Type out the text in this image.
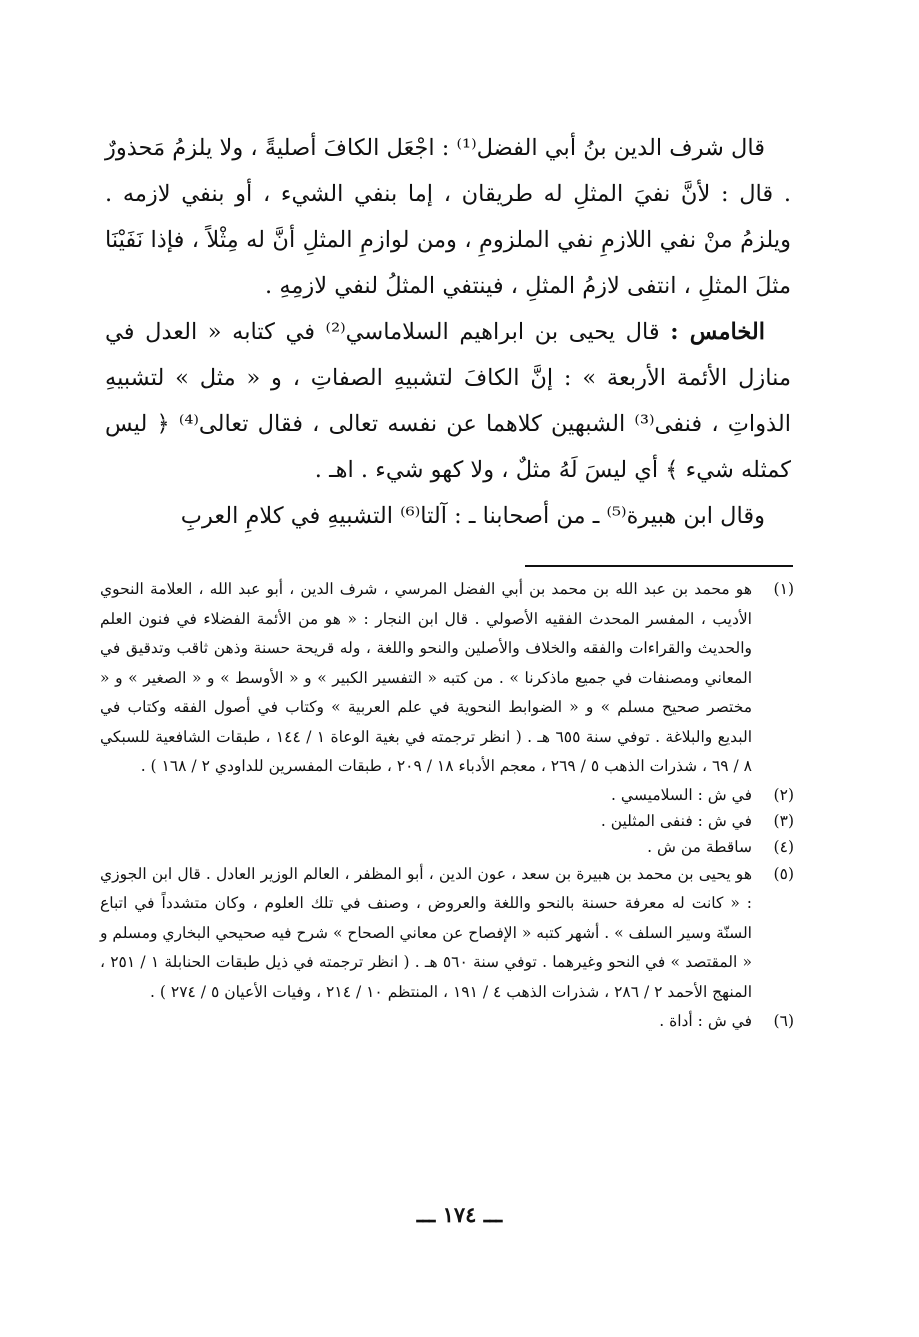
قال شرف الدين بنُ أبي الفضل⁽¹⁾ : اجْعَل الكافَ أصليةً ، ولا يلزمُ مَحذورٌ . قال : لأنَّ نفيَ المثلِ له طريقان ، إما بنفي الشيء ، أو بنفي لازمه . ويلزمُ منْ نفي اللازمِ نفي الملزومِ ، ومن لوازمِ المثلِ أنَّ له مِثْلاً ، فإذا نَفَيْنَا مثلَ المثلِ ، انتفى لازمُ المثلِ ، فينتفي المثلُ لنفي لازمِهِ .

الخامس : قال يحيى بن ابراهيم السلاماسي⁽²⁾ في كتابه « العدل في منازل الأئمة الأربعة » : إنَّ الكافَ لتشبيهِ الصفاتِ ، و « مثل » لتشبيهِ الذواتِ ، فنفى⁽³⁾ الشبهين كلاهما عن نفسه تعالى ، فقال تعالى⁽⁴⁾ ﴿ ليس كمثله شيء ﴾ أي ليسَ لَهُ مثلٌ ، ولا كهو شيء . اهـ .

وقال ابن هبيرة⁽⁵⁾ ـ من أصحابنا ـ : آلتا⁽⁶⁾ التشبيهِ في كلامِ العربِ

(١)
هو محمد بن عبد الله بن محمد بن أبي الفضل المرسي ، شرف الدين ، أبو عبد الله ، العلامة النحوي الأديب ، المفسر المحدث الفقيه الأصولي . قال ابن النجار : « هو من الأئمة الفضلاء في فنون العلم والحديث والقراءات والفقه والخلاف والأصلين والنحو واللغة ، وله قريحة حسنة وذهن ثاقب وتدقيق في المعاني ومصنفات في جميع ماذكرنا » . من كتبه « التفسير الكبير » و « الأوسط » و « الصغير » و « مختصر صحيح مسلم » و « الضوابط النحوية في علم العربية » وكتاب في أصول الفقه وكتاب في البديع والبلاغة . توفي سنة ٦٥٥ هـ . ( انظر ترجمته في بغية الوعاة ١ / ١٤٤ ، طبقات الشافعية للسبكي ٨ / ٦٩ ، شذرات الذهب ٥ / ٢٦٩ ، معجم الأدباء ١٨ / ٢٠٩ ، طبقات المفسرين للداودي ٢ / ١٦٨ ) .
(٢)
في ش : السلاميسي .
(٣)
في ش : فنفى المثلين .
(٤)
ساقطة من ش .
(٥)
هو يحيى بن محمد بن هبيرة بن سعد ، عون الدين ، أبو المظفر ، العالم الوزير العادل . قال ابن الجوزي : « كانت له معرفة حسنة بالنحو واللغة والعروض ، وصنف في تلك العلوم ، وكان متشدداً في اتباع السنّة وسير السلف » . أشهر كتبه « الإفصاح عن معاني الصحاح » شرح فيه صحيحي البخاري ومسلم و « المقتصد » في النحو وغيرهما . توفي سنة ٥٦٠ هـ . ( انظر ترجمته في ذيل طبقات الحنابلة ١ / ٢٥١ ، المنهج الأحمد ٢ / ٢٨٦ ، شذرات الذهب ٤ / ١٩١ ، المنتظم ١٠ / ٢١٤ ، وفيات الأعيان ٥ / ٢٧٤ ) .
(٦)
في ش : أداة .
ـــ ١٧٤ ـــ
